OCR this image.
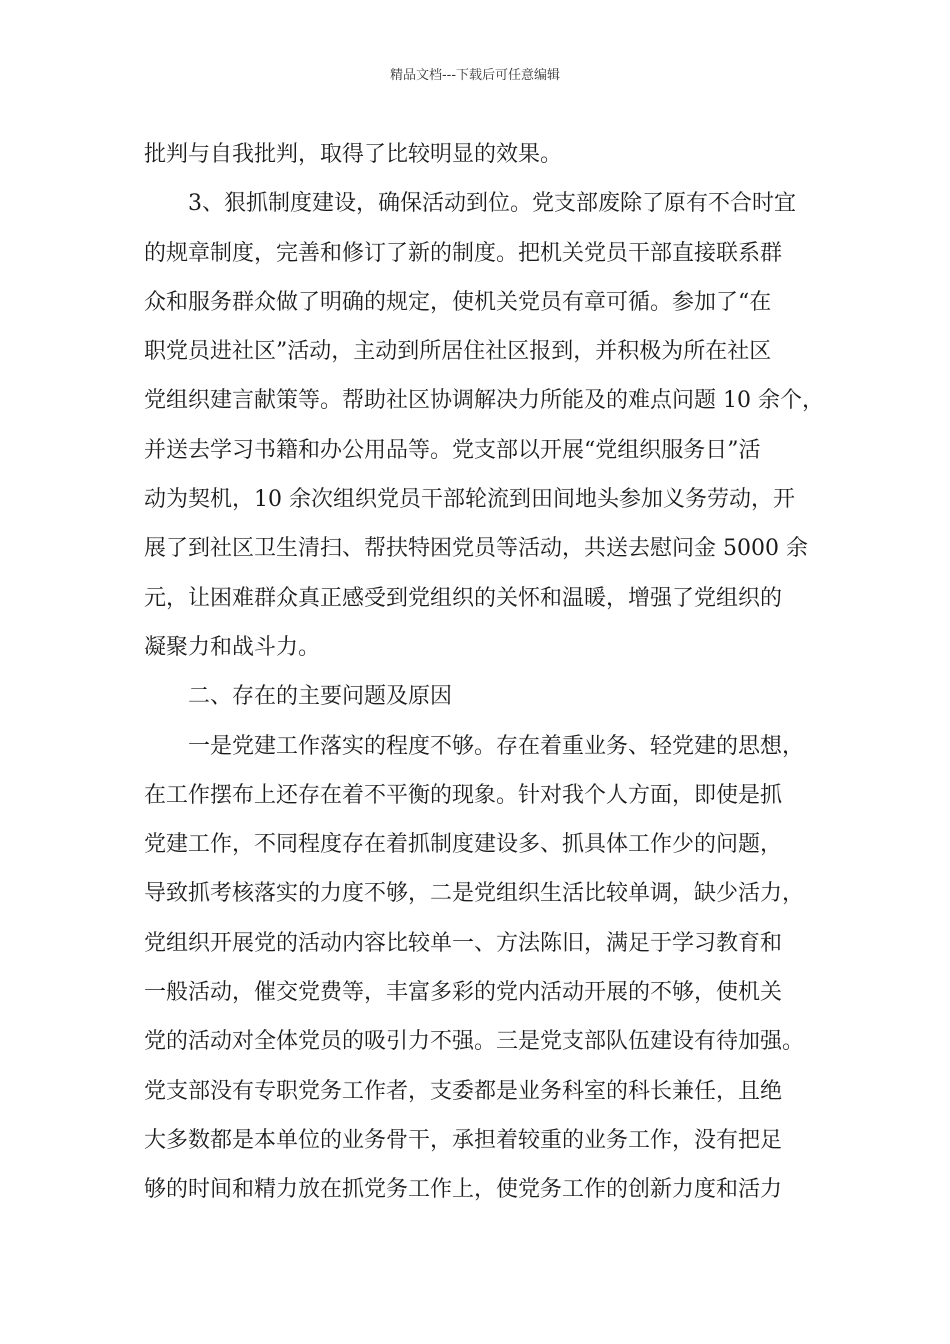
精品文档---下载后可任意编辑
批判与自我批判，取得了比较明显的效果。
3、狠抓制度建设，确保活动到位。党支部废除了原有不合时宜
的规章制度，完善和修订了新的制度。把机关党员干部直接联系群
众和服务群众做了明确的规定，使机关党员有章可循。参加了“在
职党员进社区”活动，主动到所居住社区报到，并积极为所在社区
党组织建言献策等。帮助社区协调解决力所能及的难点问题 10 余个，
并送去学习书籍和办公用品等。党支部以开展“党组织服务日”活
动为契机，10 余次组织党员干部轮流到田间地头参加义务劳动，开
展了到社区卫生清扫、帮扶特困党员等活动，共送去慰问金 5000 余
元，让困难群众真正感受到党组织的关怀和温暖，增强了党组织的
凝聚力和战斗力。
二、存在的主要问题及原因
一是党建工作落实的程度不够。存在着重业务、轻党建的思想，
在工作摆布上还存在着不平衡的现象。针对我个人方面，即使是抓
党建工作，不同程度存在着抓制度建设多、抓具体工作少的问题，
导致抓考核落实的力度不够，二是党组织生活比较单调，缺少活力，
党组织开展党的活动内容比较单一、方法陈旧，满足于学习教育和
一般活动，催交党费等，丰富多彩的党内活动开展的不够，使机关
党的活动对全体党员的吸引力不强。三是党支部队伍建设有待加强。
党支部没有专职党务工作者，支委都是业务科室的科长兼任，且绝
大多数都是本单位的业务骨干，承担着较重的业务工作，没有把足
够的时间和精力放在抓党务工作上，使党务工作的创新力度和活力
